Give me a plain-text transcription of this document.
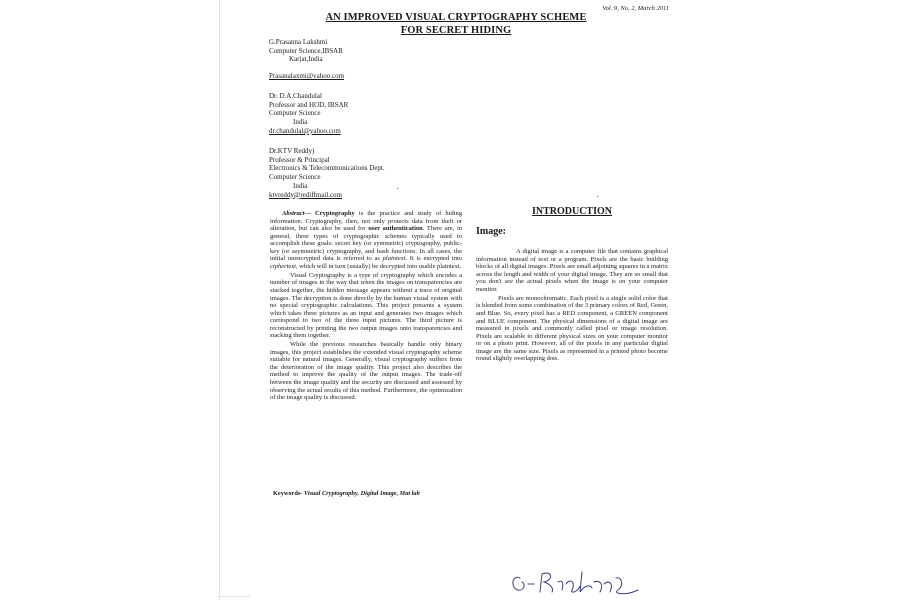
Vol. 9, No. 2, March 2011
AN IMPROVED VISUAL CRYPTOGRAPHY SCHEME
FOR SECRET HIDING
G.Prasanna Lakshmi
Computer Science,IBSAR
Karjat,India
Prasanalaxmi@yahoo.com
Dr. D.A.Chandulal
Professor and HOD, IBSAR
Computer Science
India
dr.chandulal@yahoo.com
Dr.KTV Reddy)
Professor & Principal
Electronics & Telecommunications Dept.
Computer Science
India
ktvreddy@rediffmail.com

Abstract— Cryptography is the practice and study of hiding information. Cryptography, then, not only protects data from theft or alteration, but can also be used for user authentication. There are, in general, three types of cryptographic schemes typically used to accomplish these goals: secret key (or symmetric) cryptography, public-key (or asymmetric) cryptography, and hash functions. In all cases, the initial unencrypted data is referred to as plaintext. It is encrypted into ciphertext, which will in turn (usually) be decrypted into usable plaintext.

Visual Cryptography is a type of cryptography which encodes a number of images in the way that when the images on transparencies are stacked together, the hidden message appears without a trace of original images. The decryption is done directly by the human visual system with no special cryptographic calculations. This project presents a system which takes three pictures as an input and generates two images which correspond to two of the three input pictures. The third picture is reconstructed by printing the two output images onto transparencies and stacking them together.

While the previous researches basically handle only binary images, this project establishes the extended visual cryptography scheme suitable for natural images. Generally, visual cryptography suffers from the deterioration of the image quality. This project also describes the method to improve the quality of the output images. The trade-off between the image quality and the security are discussed and assessed by observing the actual results of this method. Furthermore, the optimization of the image quality is discussed.

INTRODUCTION
Image:

A digital image is a computer file that contains graphical information instead of text or a program. Pixels are the basic building blocks of all digital images. Pixels are small adjoining squares in a matrix across the length and width of your digital image. They are so small that you don't see the actual pixels when the image is on your computer monitor.

Pixels are monochromatic. Each pixel is a single solid color that is blended from some combination of the 3 primary colors of Red, Green, and Blue. So, every pixel has a RED component, a GREEN component and BLUE component. The physical dimensions of a digital image are measured in pixels and commonly called pixel or image resolution. Pixels are scalable to different physical sizes on your computer monitor or on a photo print. However, all of the pixels in any particular digital image are the same size. Pixels as represented in a printed photo become round slightly overlapping dots.

Keywords- Visual Cryptography, Digital Image, Mat lab
